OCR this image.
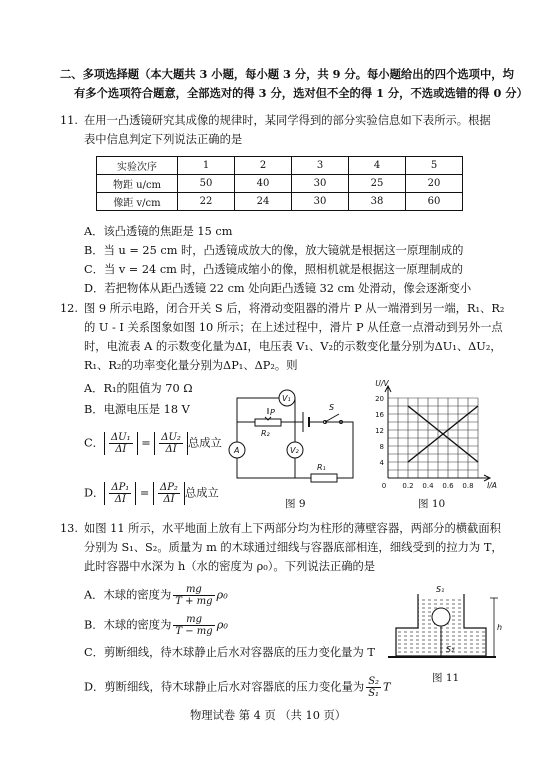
二、多项选择题（本大题共 3 小题，每小题 3 分，共 9 分。每小题给出的四个选项中，均
有多个选项符合题意，全部选对的得 3 分，选对但不全的得 1 分，不选或选错的得 0 分）
11. 在用一凸透镜研究其成像的规律时，某同学得到的部分实验信息如下表所示。根据
表中信息判定下列说法正确的是
实验次序	1	2	3	4	5
物距 u/cm	50	40	30	25	20
像距 v/cm	22	24	30	38	60
A．该凸透镜的焦距是 15 cm
B．当 u = 25 cm 时，凸透镜成放大的像，放大镜就是根据这一原理制成的
C．当 v = 24 cm 时，凸透镜成缩小的像，照相机就是根据这一原理制成的
D．若把物体从距凸透镜 22 cm 处向距凸透镜 32 cm 处滑动，像会逐渐变小
12. 图 9 所示电路，闭合开关 S 后，将滑动变阻器的滑片 P 从一端滑到另一端，R₁、R₂
的 U - I 关系图象如图 10 所示；在上述过程中，滑片 P 从任意一点滑动到另外一点
时，电流表 A 的示数变化量为ΔI，电压表 V₁、V₂的示数变化量分别为ΔU₁、ΔU₂，
R₁、R₂的功率变化量分别为ΔP₁、ΔP₂。则
A．R₁的阻值为 70 Ω
B．电源电压是 18 V
C． $\frac{\text{ΔU₁}}{\Delta I} = \frac{\text{ΔU₂}}{\Delta I}$ 总成立
D． $\frac{\text{ΔP₁}}{\Delta I} = \frac{\text{ΔP₂}}{\Delta I}$ 总成立
V₁
A	V₂
P
S
R₂
R₁
图 9
4
8
12
16
20
0 0.2 0.4 0.6 0.8
U/V
I/A
图 10
13. 如图 11 所示，水平地面上放有上下两部分均为柱形的薄壁容器，两部分的横截面积
分别为 S₁、S₂。质量为 m 的木球通过细线与容器底部相连，细线受到的拉力为 T，
此时容器中水深为 h（水的密度为 ρ₀）。下列说法正确的是
A．木球的密度为 $\frac{mg}{T + mg} \rho_0$
B．木球的密度为 $\frac{mg}{T - mg} \rho_0$
C．剪断细线，待木球静止后水对容器底的压力变化量为 T
D．剪断细线，待木球静止后水对容器底的压力变化量为 $\frac{\text{S₂}}{\text{S₁}}$ T
S₁
S₂
h
图 11
物理试卷 第 4 页 （共 10 页）
